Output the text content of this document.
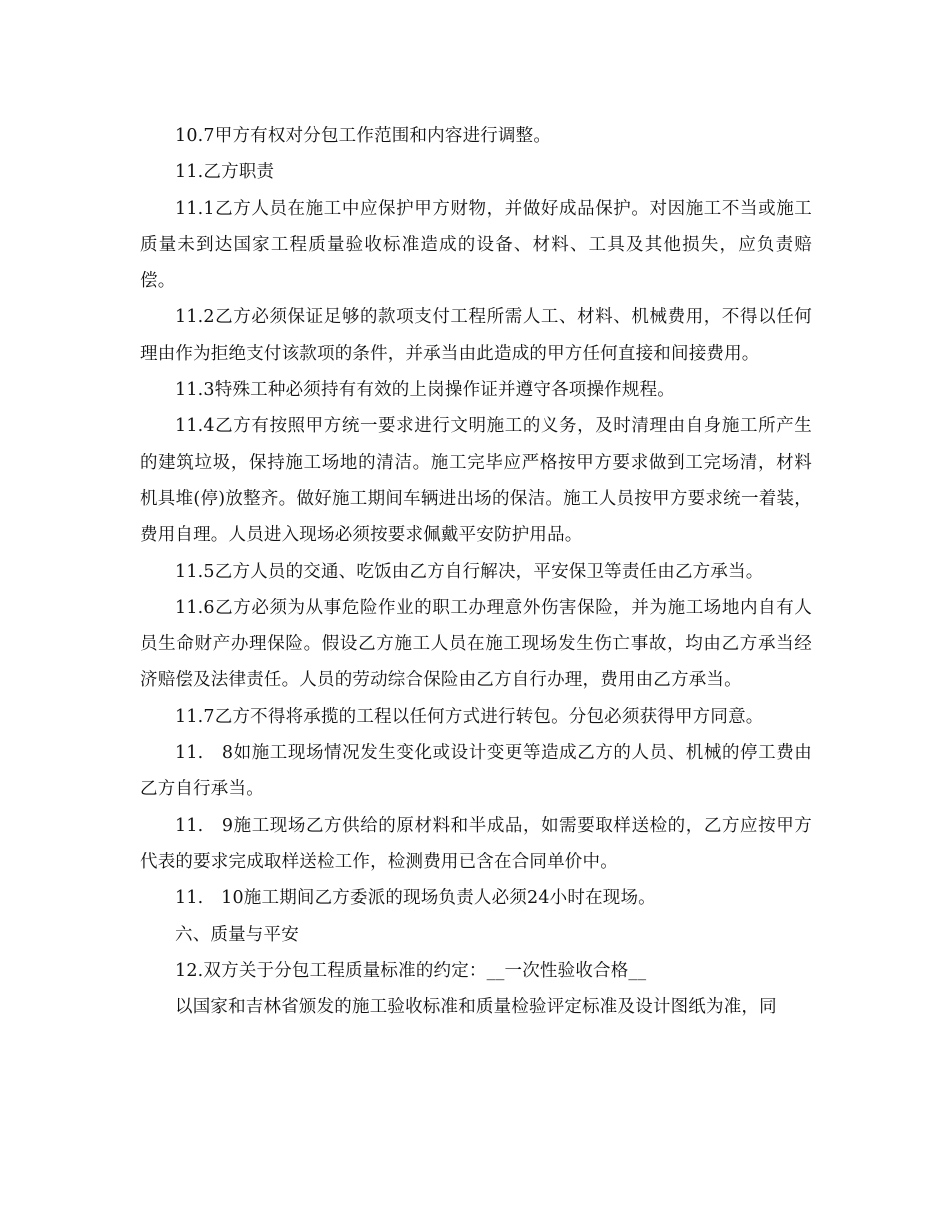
10.7甲方有权对分包工作范围和内容进行调整。

11.乙方职责

11.1乙方人员在施工中应保护甲方财物，并做好成品保护。对因施工不当或施工质量未到达国家工程质量验收标准造成的设备、材料、工具及其他损失，应负责赔偿。

11.2乙方必须保证足够的款项支付工程所需人工、材料、机械费用，不得以任何理由作为拒绝支付该款项的条件，并承当由此造成的甲方任何直接和间接费用。

11.3特殊工种必须持有有效的上岗操作证并遵守各项操作规程。

11.4乙方有按照甲方统一要求进行文明施工的义务，及时清理由自身施工所产生的建筑垃圾，保持施工场地的清洁。施工完毕应严格按甲方要求做到工完场清，材料机具堆(停)放整齐。做好施工期间车辆进出场的保洁。施工人员按甲方要求统一着装，费用自理。人员进入现场必须按要求佩戴平安防护用品。

11.5乙方人员的交通、吃饭由乙方自行解决，平安保卫等责任由乙方承当。

11.6乙方必须为从事危险作业的职工办理意外伤害保险，并为施工场地内自有人员生命财产办理保险。假设乙方施工人员在施工现场发生伤亡事故，均由乙方承当经济赔偿及法律责任。人员的劳动综合保险由乙方自行办理，费用由乙方承当。

11.7乙方不得将承揽的工程以任何方式进行转包。分包必须获得甲方同意。

11.　8如施工现场情况发生变化或设计变更等造成乙方的人员、机械的停工费由乙方自行承当。

11.　9施工现场乙方供给的原材料和半成品，如需要取样送检的，乙方应按甲方代表的要求完成取样送检工作，检测费用已含在合同单价中。

11.　10施工期间乙方委派的现场负责人必须24小时在现场。

六、质量与平安

12.双方关于分包工程质量标准的约定：__一次性验收合格__

以国家和吉林省颁发的施工验收标准和质量检验评定标准及设计图纸为准，同
